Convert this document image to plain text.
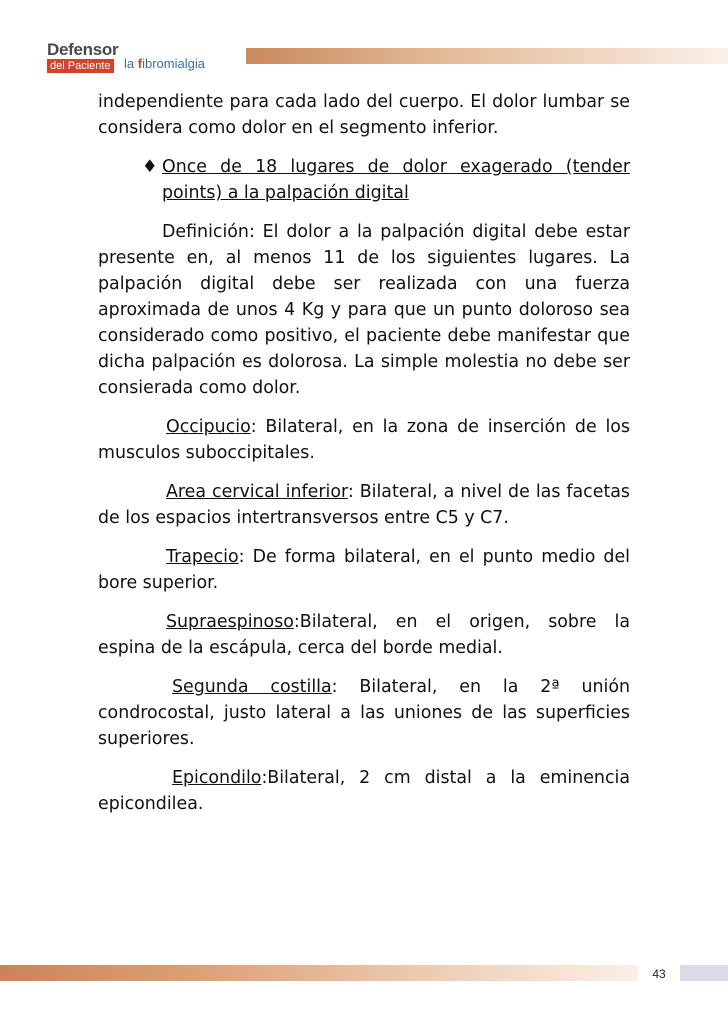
Defensor
del Paciente la fibromialgia

independiente para cada lado del cuerpo. El dolor lumbar se considera como dolor en el segmento inferior.

♦ Once de 18 lugares de dolor exagerado (tender points) a la palpación digital

Definición: El dolor a la palpación digital debe estar presente en, al menos 11 de los siguientes lugares. La palpación digital debe ser realizada con una fuerza aproximada de unos 4 Kg y para que un punto doloroso sea considerado como positivo, el paciente debe manifestar que dicha palpación es dolorosa. La simple molestia no debe ser consierada como dolor.

Occipucio: Bilateral, en la zona de inserción de los musculos suboccipitales.

Area cervical inferior: Bilateral, a nivel de las facetas de los espacios intertransversos entre C5 y C7.

Trapecio: De forma bilateral, en el punto medio del bore superior.

Supraespinoso:Bilateral, en el origen, sobre la espina de la escápula, cerca del borde medial.

Segunda costilla: Bilateral, en la 2ª unión condrocostal, justo lateral a las uniones de las superficies superiores.

Epicondilo:Bilateral, 2 cm distal a la eminencia epicondilea.

43
